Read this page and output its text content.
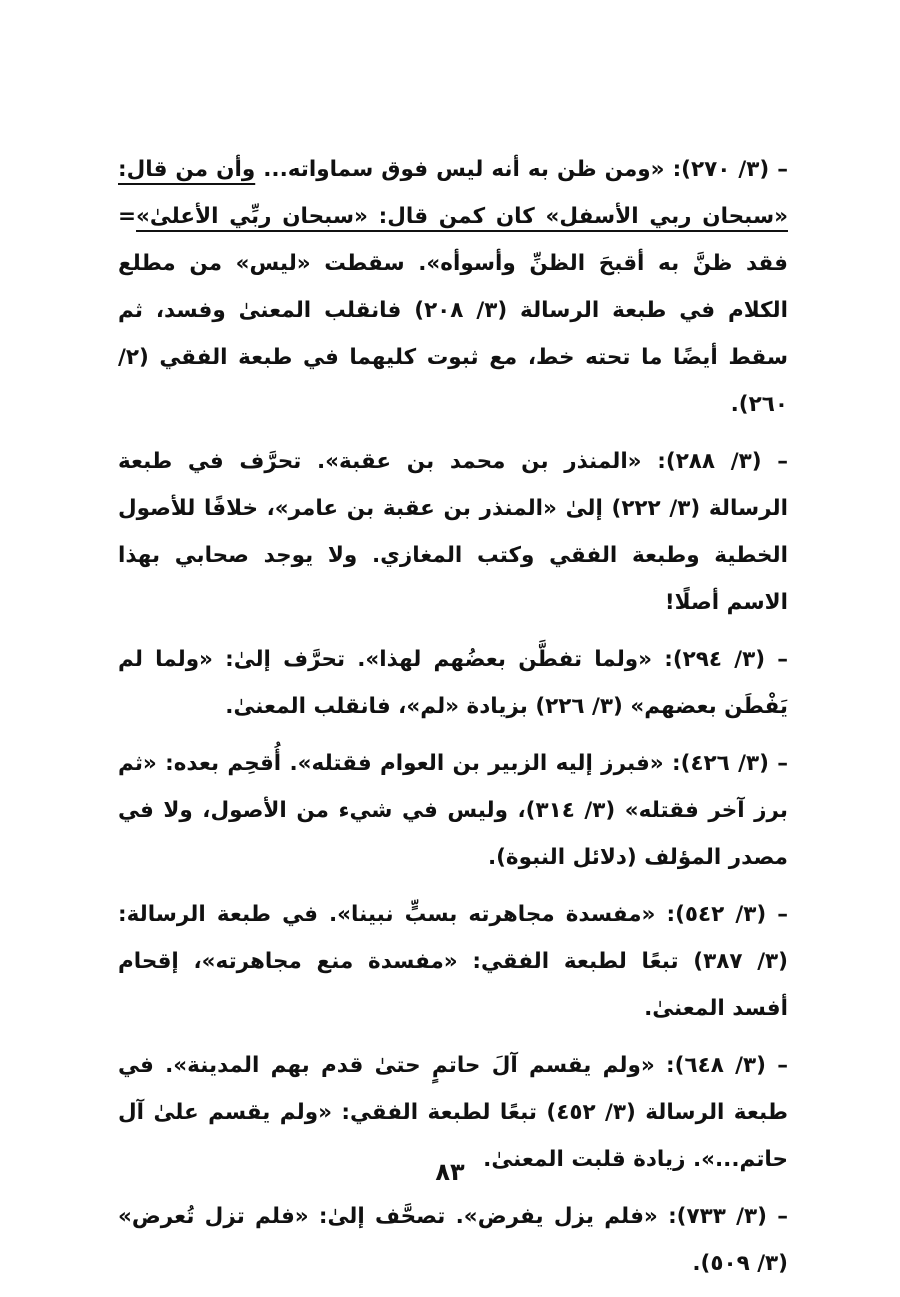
– (٣/ ٢٧٠): «ومن ظن به أنه ليس فوق سماواته... وأن من قال: «سبحان ربي الأسفل» كان كمن قال: «سبحان ربِّي الأعلىٰ»= فقد ظنَّ به أقبحَ الظنِّ وأسوأه». سقطت «ليس» من مطلع الكلام في طبعة الرسالة (٣/ ٢٠٨) فانقلب المعنىٰ وفسد، ثم سقط أيضًا ما تحته خط، مع ثبوت كليهما في طبعة الفقي (٢/ ٢٦٠).

– (٣/ ٢٨٨): «المنذر بن محمد بن عقبة». تحرَّف في طبعة الرسالة (٣/ ٢٢٢) إلىٰ «المنذر بن عقبة بن عامر»، خلافًا للأصول الخطية وطبعة الفقي وكتب المغازي. ولا يوجد صحابي بهذا الاسم أصلًا!

– (٣/ ٢٩٤): «ولما تفطَّن بعضُهم لهذا». تحرَّف إلىٰ: «ولما لم يَفْطَن بعضهم» (٣/ ٢٢٦) بزيادة «لم»، فانقلب المعنىٰ.

– (٣/ ٤٢٦): «فبرز إليه الزبير بن العوام فقتله». أُقحِم بعده: «ثم برز آخر فقتله» (٣/ ٣١٤)، وليس في شيء من الأصول، ولا في مصدر المؤلف (دلائل النبوة).

– (٣/ ٥٤٢): «مفسدة مجاهرته بسبٍّ نبينا». في طبعة الرسالة: (٣/ ٣٨٧) تبعًا لطبعة الفقي: «مفسدة منع مجاهرته»، إقحام أفسد المعنىٰ.

– (٣/ ٦٤٨): «ولم يقسم آلَ حاتمٍ حتىٰ قدم بهم المدينة». في طبعة الرسالة (٣/ ٤٥٢) تبعًا لطبعة الفقي: «ولم يقسم علىٰ آل حاتم...». زيادة قلبت المعنىٰ.

– (٣/ ٧٣٣): «فلم يزل يفرض». تصحَّف إلىٰ: «فلم تزل تُعرض» (٣/ ٥٠٩).

٨٣
